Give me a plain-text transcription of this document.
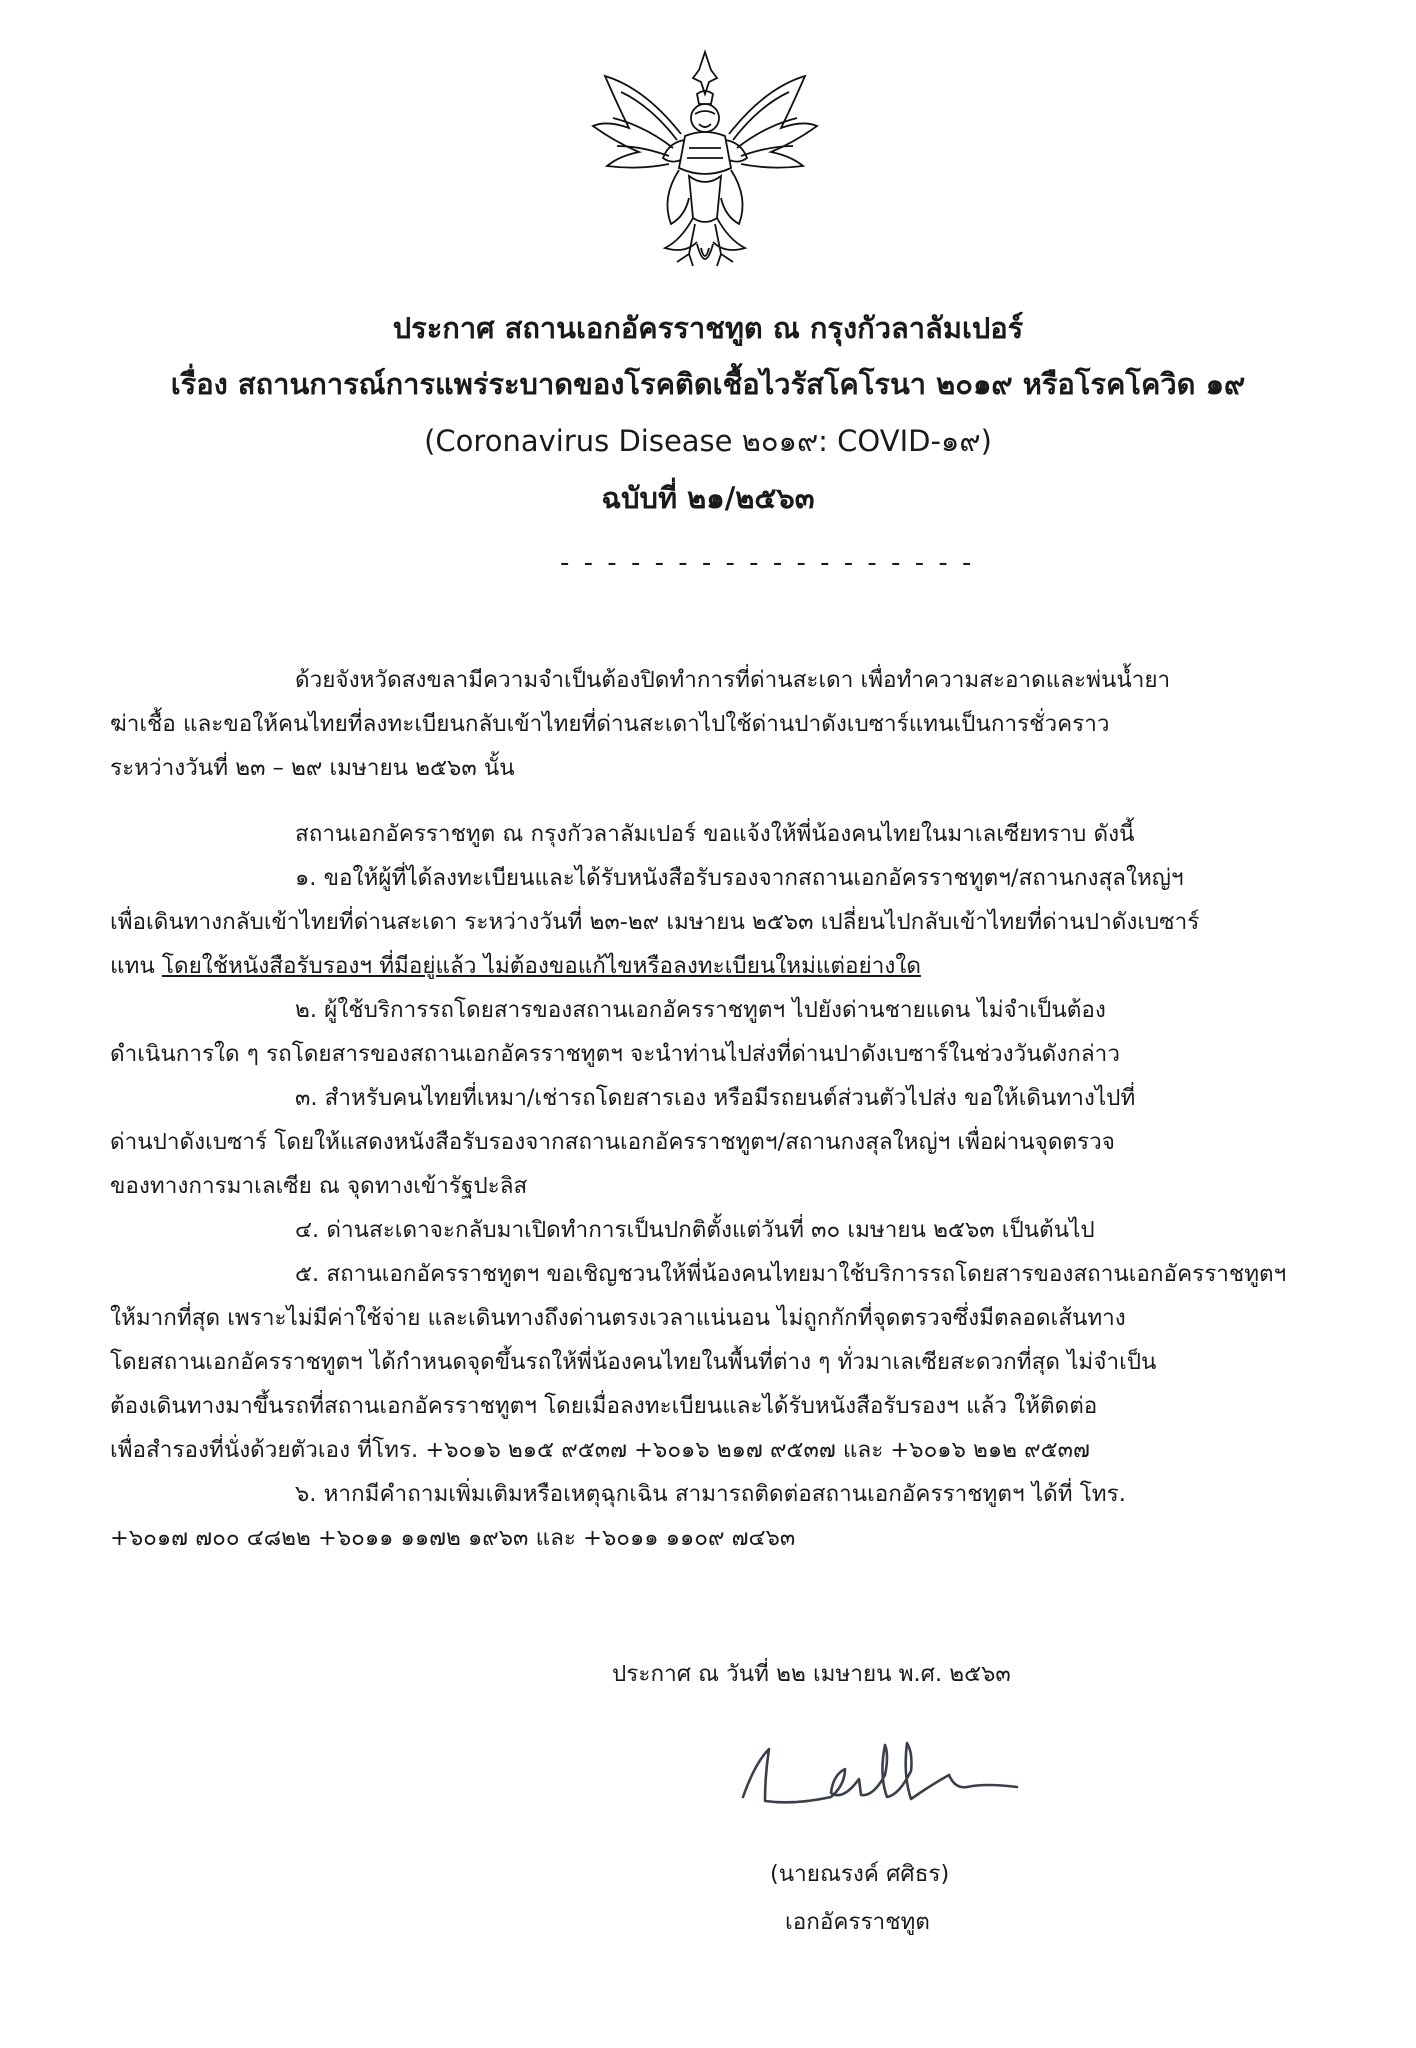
ประกาศ สถานเอกอัครราชทูต ณ กรุงกัวลาลัมเปอร์
เรื่อง สถานการณ์การแพร่ระบาดของโรคติดเชื้อไวรัสโคโรนา ๒๐๑๙ หรือโรคโควิด ๑๙
(Coronavirus Disease ๒๐๑๙: COVID-๑๙)
ฉบับที่ ๒๑/๒๕๖๓
- - - - - - - - - - - - - - - - - -

ด้วยจังหวัดสงขลามีความจำเป็นต้องปิดทำการที่ด่านสะเดา เพื่อทำความสะอาดและพ่นน้ำยา

ฆ่าเชื้อ และขอให้คนไทยที่ลงทะเบียนกลับเข้าไทยที่ด่านสะเดาไปใช้ด่านปาดังเบซาร์แทนเป็นการชั่วคราว

ระหว่างวันที่ ๒๓ – ๒๙ เมษายน ๒๕๖๓ นั้น

สถานเอกอัครราชทูต ณ กรุงกัวลาลัมเปอร์ ขอแจ้งให้พี่น้องคนไทยในมาเลเซียทราบ ดังนี้

๑. ขอให้ผู้ที่ได้ลงทะเบียนและได้รับหนังสือรับรองจากสถานเอกอัครราชทูตฯ/สถานกงสุลใหญ่ฯ

เพื่อเดินทางกลับเข้าไทยที่ด่านสะเดา ระหว่างวันที่ ๒๓-๒๙ เมษายน ๒๕๖๓ เปลี่ยนไปกลับเข้าไทยที่ด่านปาดังเบซาร์

แทน โดยใช้หนังสือรับรองฯ ที่มีอยู่แล้ว ไม่ต้องขอแก้ไขหรือลงทะเบียนใหม่แต่อย่างใด

๒. ผู้ใช้บริการรถโดยสารของสถานเอกอัครราชทูตฯ ไปยังด่านชายแดน ไม่จำเป็นต้อง

ดำเนินการใด ๆ รถโดยสารของสถานเอกอัครราชทูตฯ จะนำท่านไปส่งที่ด่านปาดังเบซาร์ในช่วงวันดังกล่าว

๓. สำหรับคนไทยที่เหมา/เช่ารถโดยสารเอง หรือมีรถยนต์ส่วนตัวไปส่ง ขอให้เดินทางไปที่

ด่านปาดังเบซาร์ โดยให้แสดงหนังสือรับรองจากสถานเอกอัครราชทูตฯ/สถานกงสุลใหญ่ฯ เพื่อผ่านจุดตรวจ

ของทางการมาเลเซีย ณ จุดทางเข้ารัฐปะลิส

๔. ด่านสะเดาจะกลับมาเปิดทำการเป็นปกติตั้งแต่วันที่ ๓๐ เมษายน ๒๕๖๓ เป็นต้นไป

๕. สถานเอกอัครราชทูตฯ ขอเชิญชวนให้พี่น้องคนไทยมาใช้บริการรถโดยสารของสถานเอกอัครราชทูตฯ

ให้มากที่สุด เพราะไม่มีค่าใช้จ่าย และเดินทางถึงด่านตรงเวลาแน่นอน ไม่ถูกกักที่จุดตรวจซึ่งมีตลอดเส้นทาง

โดยสถานเอกอัครราชทูตฯ ได้กำหนดจุดขึ้นรถให้พี่น้องคนไทยในพื้นที่ต่าง ๆ ทั่วมาเลเซียสะดวกที่สุด ไม่จำเป็น

ต้องเดินทางมาขึ้นรถที่สถานเอกอัครราชทูตฯ โดยเมื่อลงทะเบียนและได้รับหนังสือรับรองฯ แล้ว ให้ติดต่อ

เพื่อสำรองที่นั่งด้วยตัวเอง ที่โทร. +๖๐๑๖ ๒๑๕ ๙๕๓๗ +๖๐๑๖ ๒๑๗ ๙๕๓๗ และ +๖๐๑๖ ๒๑๒ ๙๕๓๗

๖. หากมีคำถามเพิ่มเติมหรือเหตุฉุกเฉิน สามารถติดต่อสถานเอกอัครราชทูตฯ ได้ที่ โทร.

+๖๐๑๗ ๗๐๐ ๔๘๒๒ +๖๐๑๑ ๑๑๗๒ ๑๙๖๓ และ +๖๐๑๑ ๑๑๐๙ ๗๔๖๓

ประกาศ ณ วันที่ ๒๒ เมษายน พ.ศ. ๒๕๖๓
(นายณรงค์ ศศิธร)
เอกอัครราชทูต
